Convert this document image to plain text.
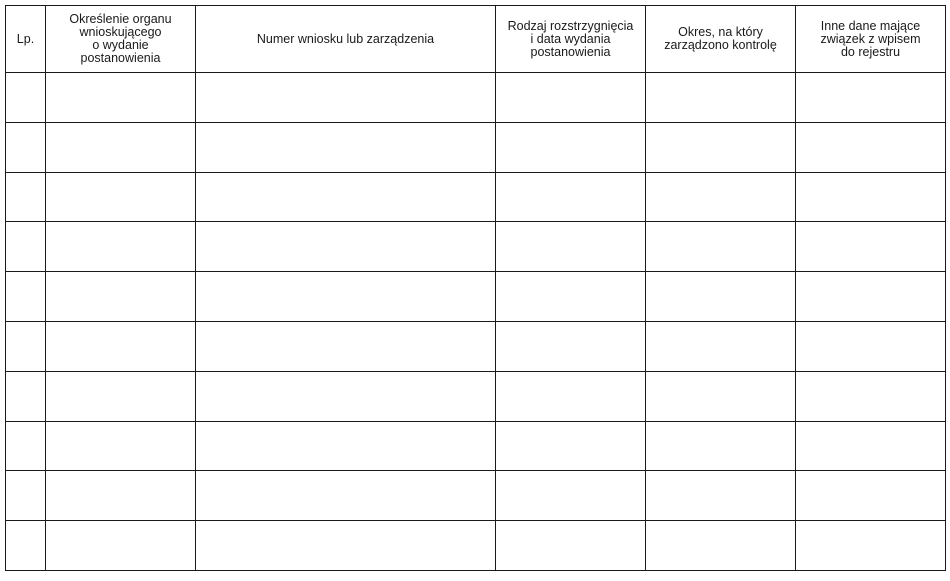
Lp.	Określenie organu
wnioskującego
o wydanie
postanowienia	Numer wniosku lub zarządzenia	Rodzaj rozstrzygnięcia
i data wydania
postanowienia	Okres, na który
zarządzono kontrolę	Inne dane mające
związek z wpisem
do rejestru
